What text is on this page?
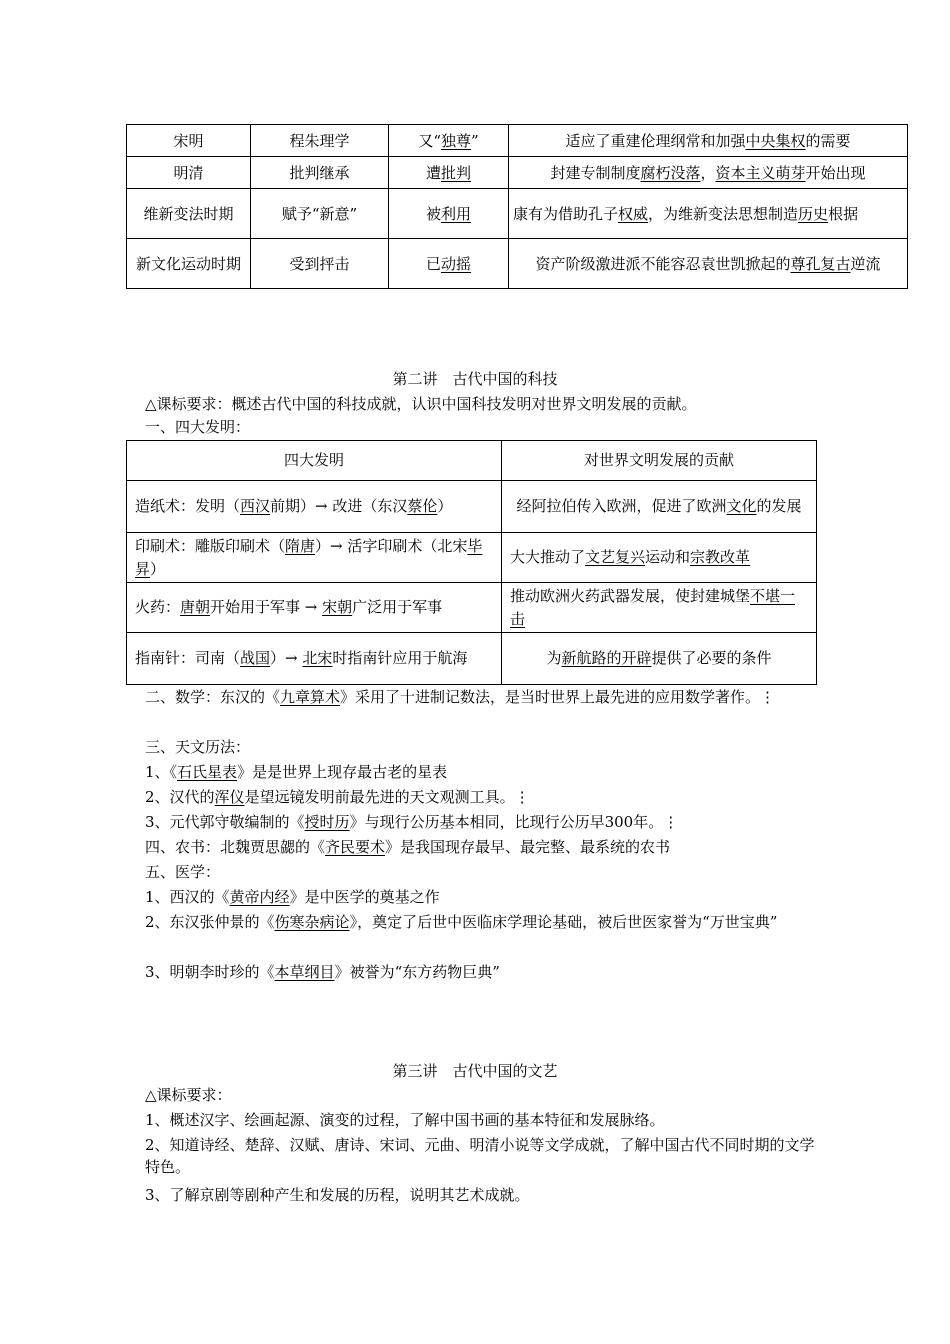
宋明	程朱理学	又“独尊”	适应了重建伦理纲常和加强中央集权的需要
明清	批判继承	遭批判	封建专制制度腐朽没落，资本主义萌芽开始出现
维新变法时期	赋予“新意”	被利用	康有为借助孔子权威，为维新变法思想制造历史根据
新文化运动时期	受到抨击	已动摇	资产阶级激进派不能容忍袁世凯掀起的尊孔复古逆流
第二讲　古代中国的科技
△课标要求：概述古代中国的科技成就，认识中国科技发明对世界文明发展的贡献。
一、四大发明：
四大发明	对世界文明发展的贡献
造纸术：发明（西汉前期）→ 改进（东汉蔡伦）	经阿拉伯传入欧洲，促进了欧洲文化的发展
印刷术：雕版印刷术（隋唐）→ 活字印刷术（北宋毕昇）	大大推动了文艺复兴运动和宗教改革
火药：唐朝开始用于军事 → 宋朝广泛用于军事	推动欧洲火药武器发展，使封建城堡不堪一击
指南针：司南（战国）→ 北宋时指南针应用于航海	为新航路的开辟提供了必要的条件
二、数学：东汉的《九章算术》采用了十进制记数法，是当时世界上最先进的应用数学著作。⋮
三、天文历法：
1、《石氏星表》是是世界上现存最古老的星表
2、汉代的浑仪是望远镜发明前最先进的天文观测工具。⋮
3、元代郭守敬编制的《授时历》与现行公历基本相同，比现行公历早300年。⋮
四、农书：北魏贾思勰的《齐民要术》是我国现存最早、最完整、最系统的农书
五、医学：
1、西汉的《黄帝内经》是中医学的奠基之作
2、东汉张仲景的《伤寒杂病论》，奠定了后世中医临床学理论基础，被后世医家誉为“万世宝典”
3、明朝李时珍的《本草纲目》被誉为“东方药物巨典”
第三讲　古代中国的文艺
△课标要求：
1、概述汉字、绘画起源、演变的过程，了解中国书画的基本特征和发展脉络。
2、知道诗经、楚辞、汉赋、唐诗、宋词、元曲、明清小说等文学成就，了解中国古代不同时期的文学特色。
3、了解京剧等剧种产生和发展的历程，说明其艺术成就。
